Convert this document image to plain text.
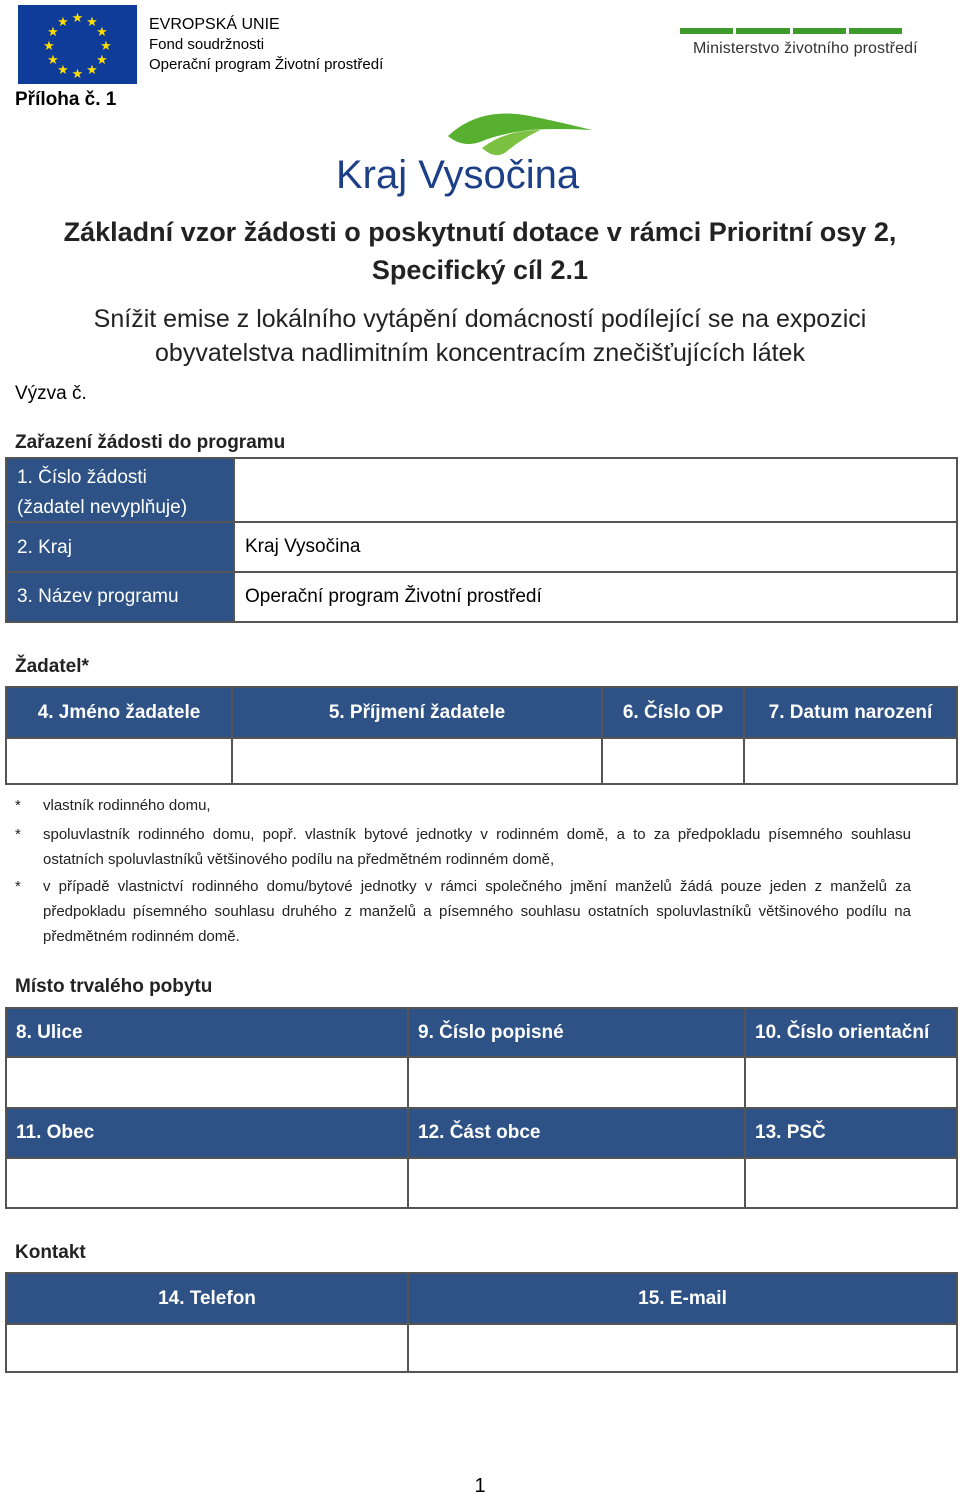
★ ★
★
★
★
★
★
★
★
★
★
★	EVROPSKÁ UNIE
Fond soudržnosti
Operační program Životní prostředí
Ministerstvo životního prostředí
Příloha č. 1
Kraj Vysočina
Základní vzor žádosti o poskytnutí dotace v rámci Prioritní osy 2,
Specifický cíl 2.1
Snížit emise z lokálního vytápění domácností podílející se na expozici
obyvatelstva nadlimitním koncentracím znečišťujících látek
Výzva č.
Zařazení žádosti do programu
1. Číslo žádosti
(žadatel nevyplňuje)
2. Kraj	Kraj Vysočina
3. Název programu	Operační program Životní prostředí
Žadatel*
4. Jméno žadatele	5. Příjmení žadatele	6. Číslo OP	7. Datum narození
* vlastník rodinného domu,
* spoluvlastník rodinného domu, popř. vlastník bytové jednotky v rodinném domě, a to za předpokladu písemného souhlasu ostatních spoluvlastníků většinového podílu na předmětném rodinném domě,
* v případě vlastnictví rodinného domu/bytové jednotky v rámci společného jmění manželů žádá pouze jeden z manželů za předpokladu písemného souhlasu druhého z manželů a písemného souhlasu ostatních spoluvlastníků většinového podílu na předmětném rodinném domě.
Místo trvalého pobytu
8. Ulice	9. Číslo popisné	10. Číslo orientační
11. Obec	12. Část obce	13. PSČ
Kontakt
14. Telefon	15. E-mail
1
